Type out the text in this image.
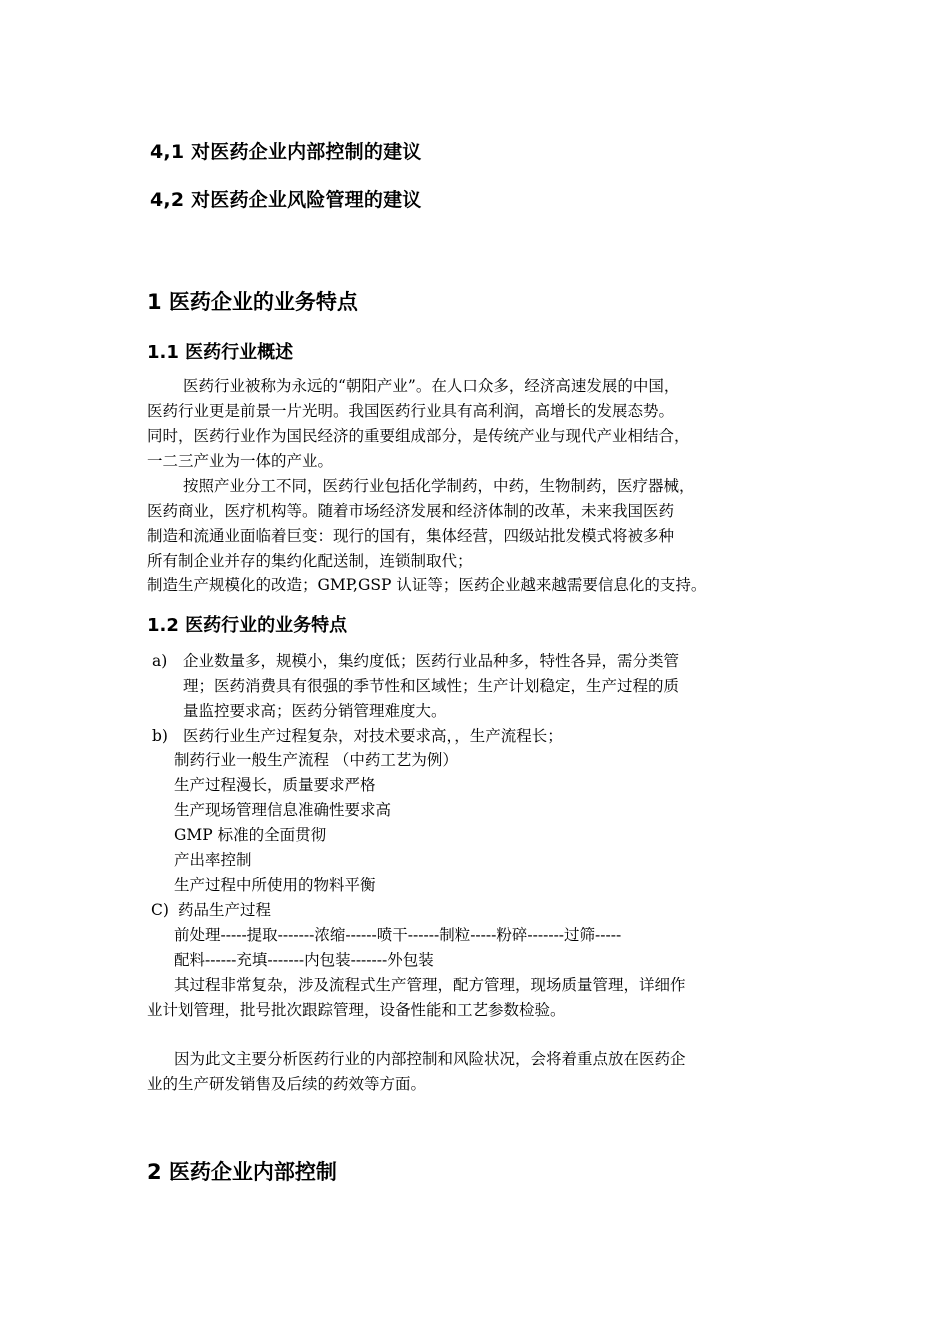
4,1 对医药企业内部控制的建议
4,2 对医药企业风险管理的建议
1 医药企业的业务特点
1.1 医药行业概述
医药行业被称为永远的“朝阳产业”。在人口众多，经济高速发展的中国，
医药行业更是前景一片光明。我国医药行业具有高利润，高增长的发展态势。
同时，医药行业作为国民经济的重要组成部分，是传统产业与现代产业相结合，
一二三产业为一体的产业。
按照产业分工不同，医药行业包括化学制药，中药，生物制药，医疗器械，
医药商业，医疗机构等。随着市场经济发展和经济体制的改革，未来我国医药
制造和流通业面临着巨变：现行的国有，集体经营，四级站批发模式将被多种
所有制企业并存的集约化配送制，连锁制取代；
制造生产规模化的改造；GMP,GSP 认证等；医药企业越来越需要信息化的支持。
1.2 医药行业的业务特点
a) 企业数量多，规模小，集约度低；医药行业品种多，特性各异，需分类管
理；医药消费具有很强的季节性和区域性；生产计划稳定，生产过程的质
量监控要求高；医药分销管理难度大。
b) 医药行业生产过程复杂，对技术要求高，，生产流程长；
制药行业一般生产流程 （中药工艺为例）
生产过程漫长，质量要求严格
生产现场管理信息准确性要求高
GMP 标准的全面贯彻
产出率控制
生产过程中所使用的物料平衡
C) 药品生产过程
前处理-----提取-------浓缩------喷干------制粒-----粉碎-------过筛-----
配料------充填-------内包装-------外包装
其过程非常复杂，涉及流程式生产管理，配方管理，现场质量管理，详细作
业计划管理，批号批次跟踪管理，设备性能和工艺参数检验。
因为此文主要分析医药行业的内部控制和风险状况，会将着重点放在医药企
业的生产研发销售及后续的药效等方面。
2 医药企业内部控制
